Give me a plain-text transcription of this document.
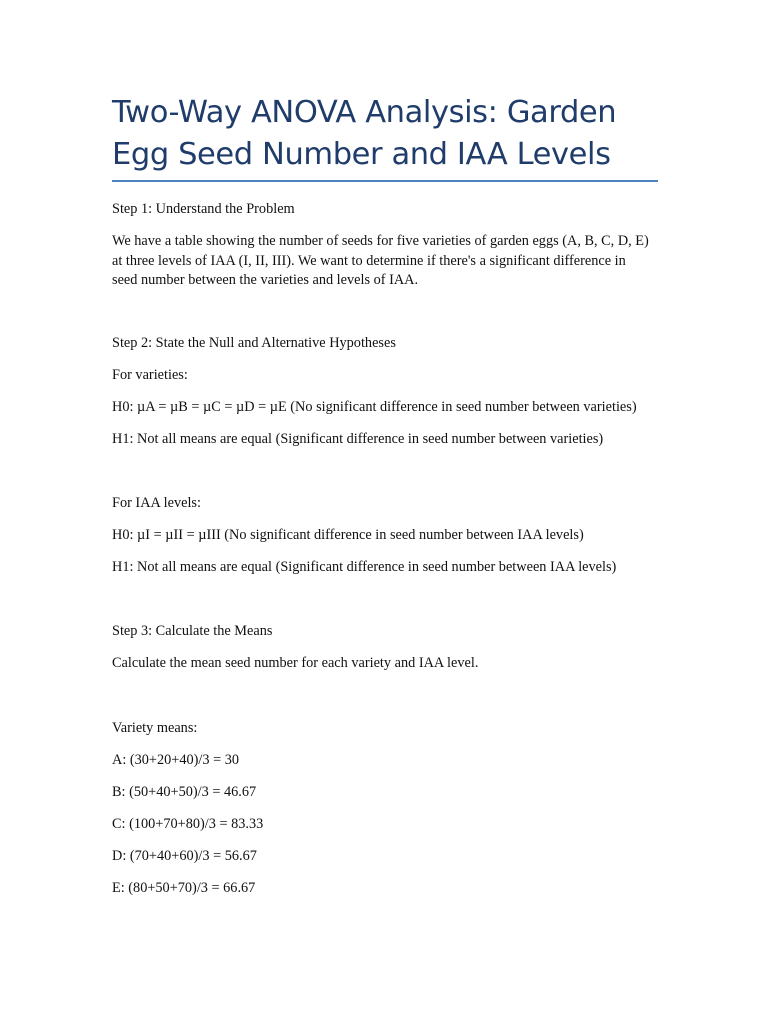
Two-Way ANOVA Analysis: Garden Egg Seed Number and IAA Levels

Step 1: Understand the Problem

We have a table showing the number of seeds for five varieties of garden eggs (A, B, C, D, E)
at three levels of IAA (I, II, III). We want to determine if there's a significant difference in
seed number between the varieties and levels of IAA.

Step 2: State the Null and Alternative Hypotheses

For varieties:

H0: µA = µB = µC = µD = µE (No significant difference in seed number between varieties)

H1: Not all means are equal (Significant difference in seed number between varieties)

For IAA levels:

H0: µI = µII = µIII (No significant difference in seed number between IAA levels)

H1: Not all means are equal (Significant difference in seed number between IAA levels)

Step 3: Calculate the Means

Calculate the mean seed number for each variety and IAA level.

Variety means:

A: (30+20+40)/3 = 30

B: (50+40+50)/3 = 46.67

C: (100+70+80)/3 = 83.33

D: (70+40+60)/3 = 56.67

E: (80+50+70)/3 = 66.67
